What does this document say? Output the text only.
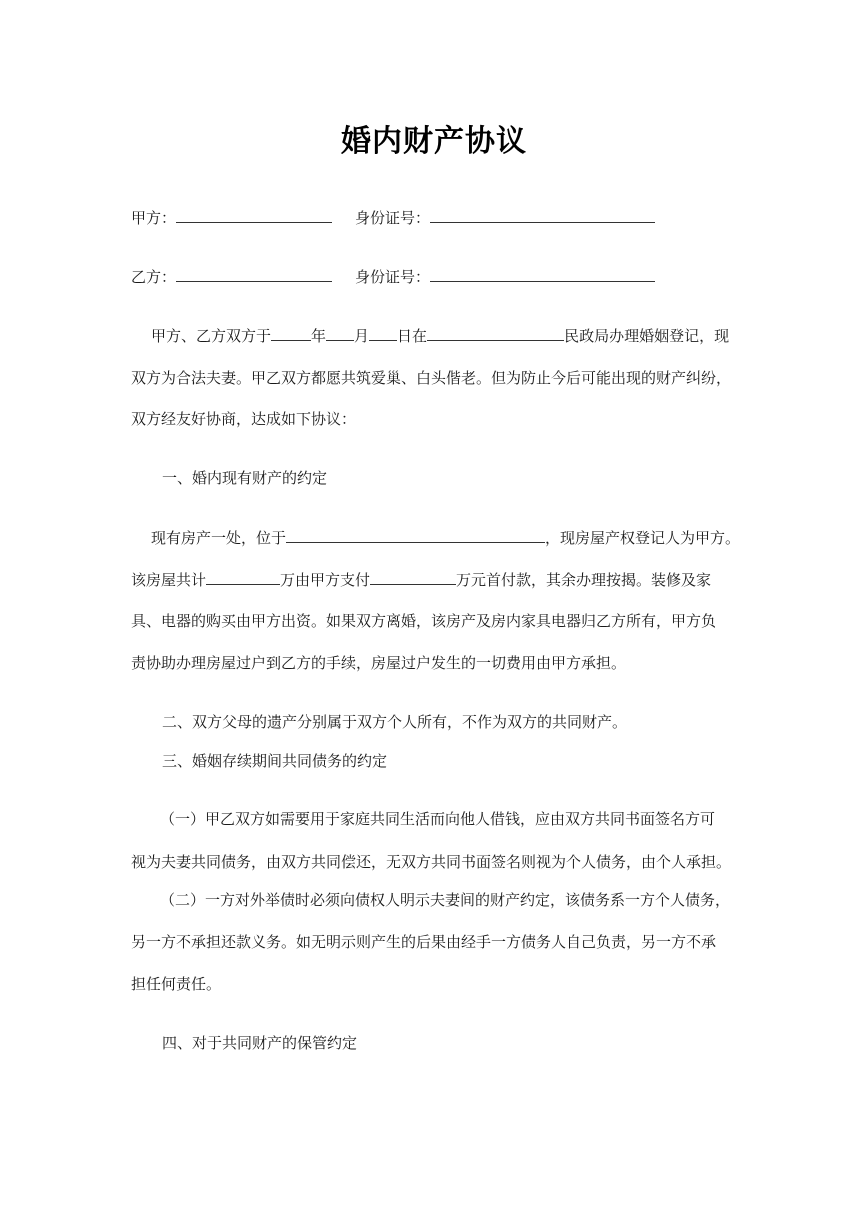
婚内财产协议
甲方：	身份证号：
乙方：	身份证号：
甲方、乙方双方于	年 月 日在	民政局办理婚姻登记，现
双方为合法夫妻。甲乙双方都愿共筑爱巢、白头偕老。但为防止今后可能出现的财产纠纷，
双方经友好协商，达成如下协议：
一、婚内现有财产的约定
现有房产一处，位于	，现房屋产权登记人为甲方。
该房屋共计	万由甲方支付	万元首付款，其余办理按揭。装修及家
具、电器的购买由甲方出资。如果双方离婚，该房产及房内家具电器归乙方所有，甲方负
责协助办理房屋过户到乙方的手续，房屋过户发生的一切费用由甲方承担。
二、双方父母的遗产分别属于双方个人所有，不作为双方的共同财产。
三、婚姻存续期间共同债务的约定
（一）甲乙双方如需要用于家庭共同生活而向他人借钱，应由双方共同书面签名方可
视为夫妻共同债务，由双方共同偿还，无双方共同书面签名则视为个人债务，由个人承担。
（二）一方对外举债时必须向债权人明示夫妻间的财产约定，该债务系一方个人债务，
另一方不承担还款义务。如无明示则产生的后果由经手一方债务人自己负责，另一方不承
担任何责任。
四、对于共同财产的保管约定
